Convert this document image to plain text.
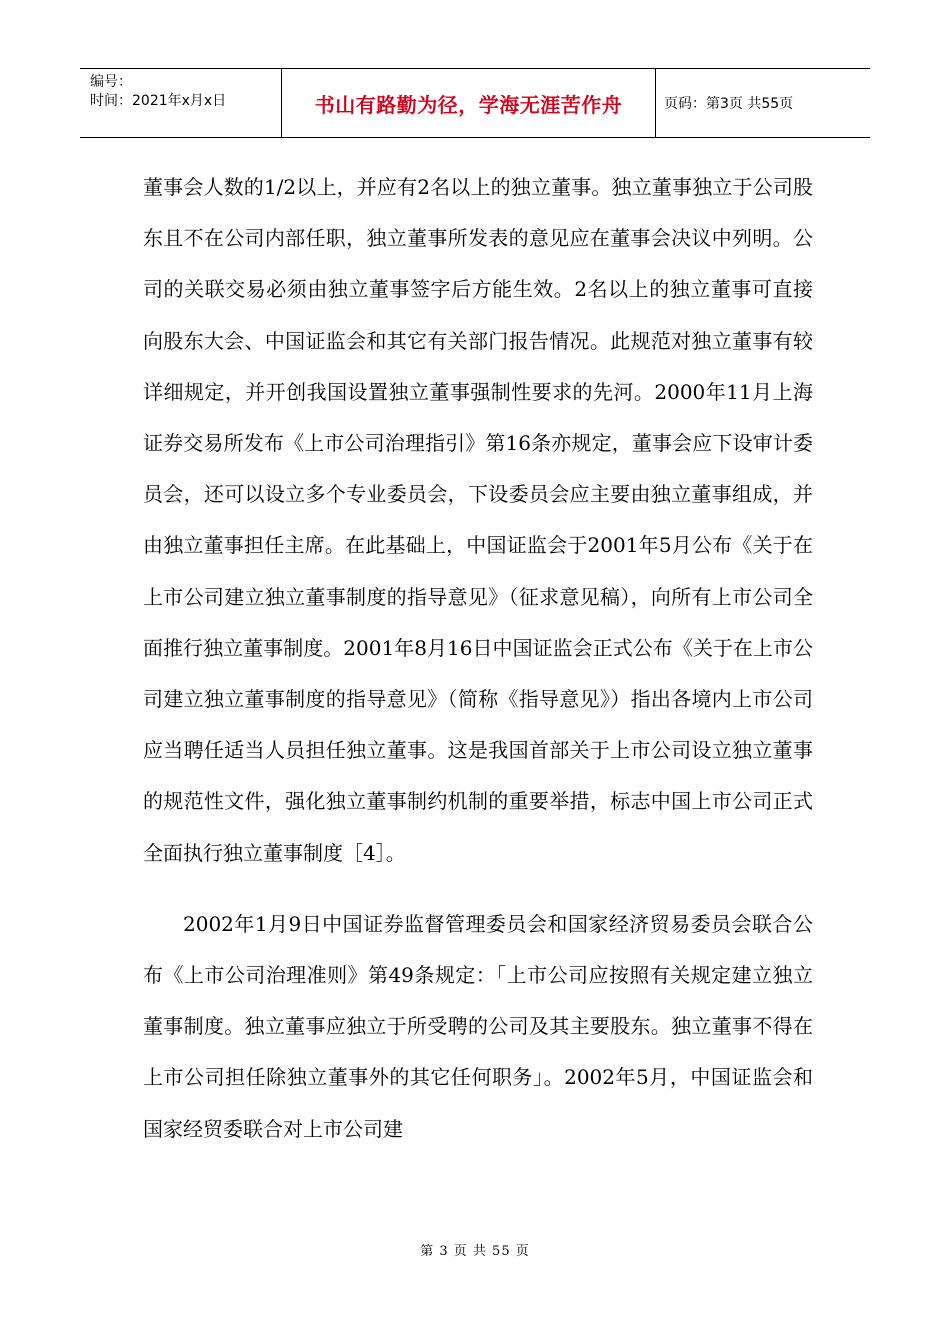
编号：
时间：2021年x月x日	书山有路勤为径，学海无涯苦作舟	页码：第3页 共55页

董事会人数的1/2以上，并应有2名以上的独立董事。独立董事独立于公司股东且不在公司内部任职，独立董事所发表的意见应在董事会决议中列明。公司的关联交易必须由独立董事签字后方能生效。2名以上的独立董事可直接向股东大会、中国证监会和其它有关部门报告情况。此规范对独立董事有较详细规定，并开创我国设置独立董事强制性要求的先河。2000年11月上海证券交易所发布《上市公司治理指引》第16条亦规定，董事会应下设审计委员会，还可以设立多个专业委员会，下设委员会应主要由独立董事组成，并由独立董事担任主席。在此基础上，中国证监会于2001年5月公布《关于在上市公司建立独立董事制度的指导意见》（征求意见稿），向所有上市公司全面推行独立董事制度。2001年8月16日中国证监会正式公布《关于在上市公司建立独立董事制度的指导意见》（简称《指导意见》）指出各境内上市公司应当聘任适当人员担任独立董事。这是我国首部关于上市公司设立独立董事的规范性文件，强化独立董事制约机制的重要举措，标志中国上市公司正式全面执行独立董事制度［4］。

2002年1月9日中国证券监督管理委员会和国家经济贸易委员会联合公布《上市公司治理准则》第49条规定：「上市公司应按照有关规定建立独立董事制度。独立董事应独立于所受聘的公司及其主要股东。独立董事不得在上市公司担任除独立董事外的其它任何职务」。2002年5月，中国证监会和国家经贸委联合对上市公司建

第 3 页 共 55 页
